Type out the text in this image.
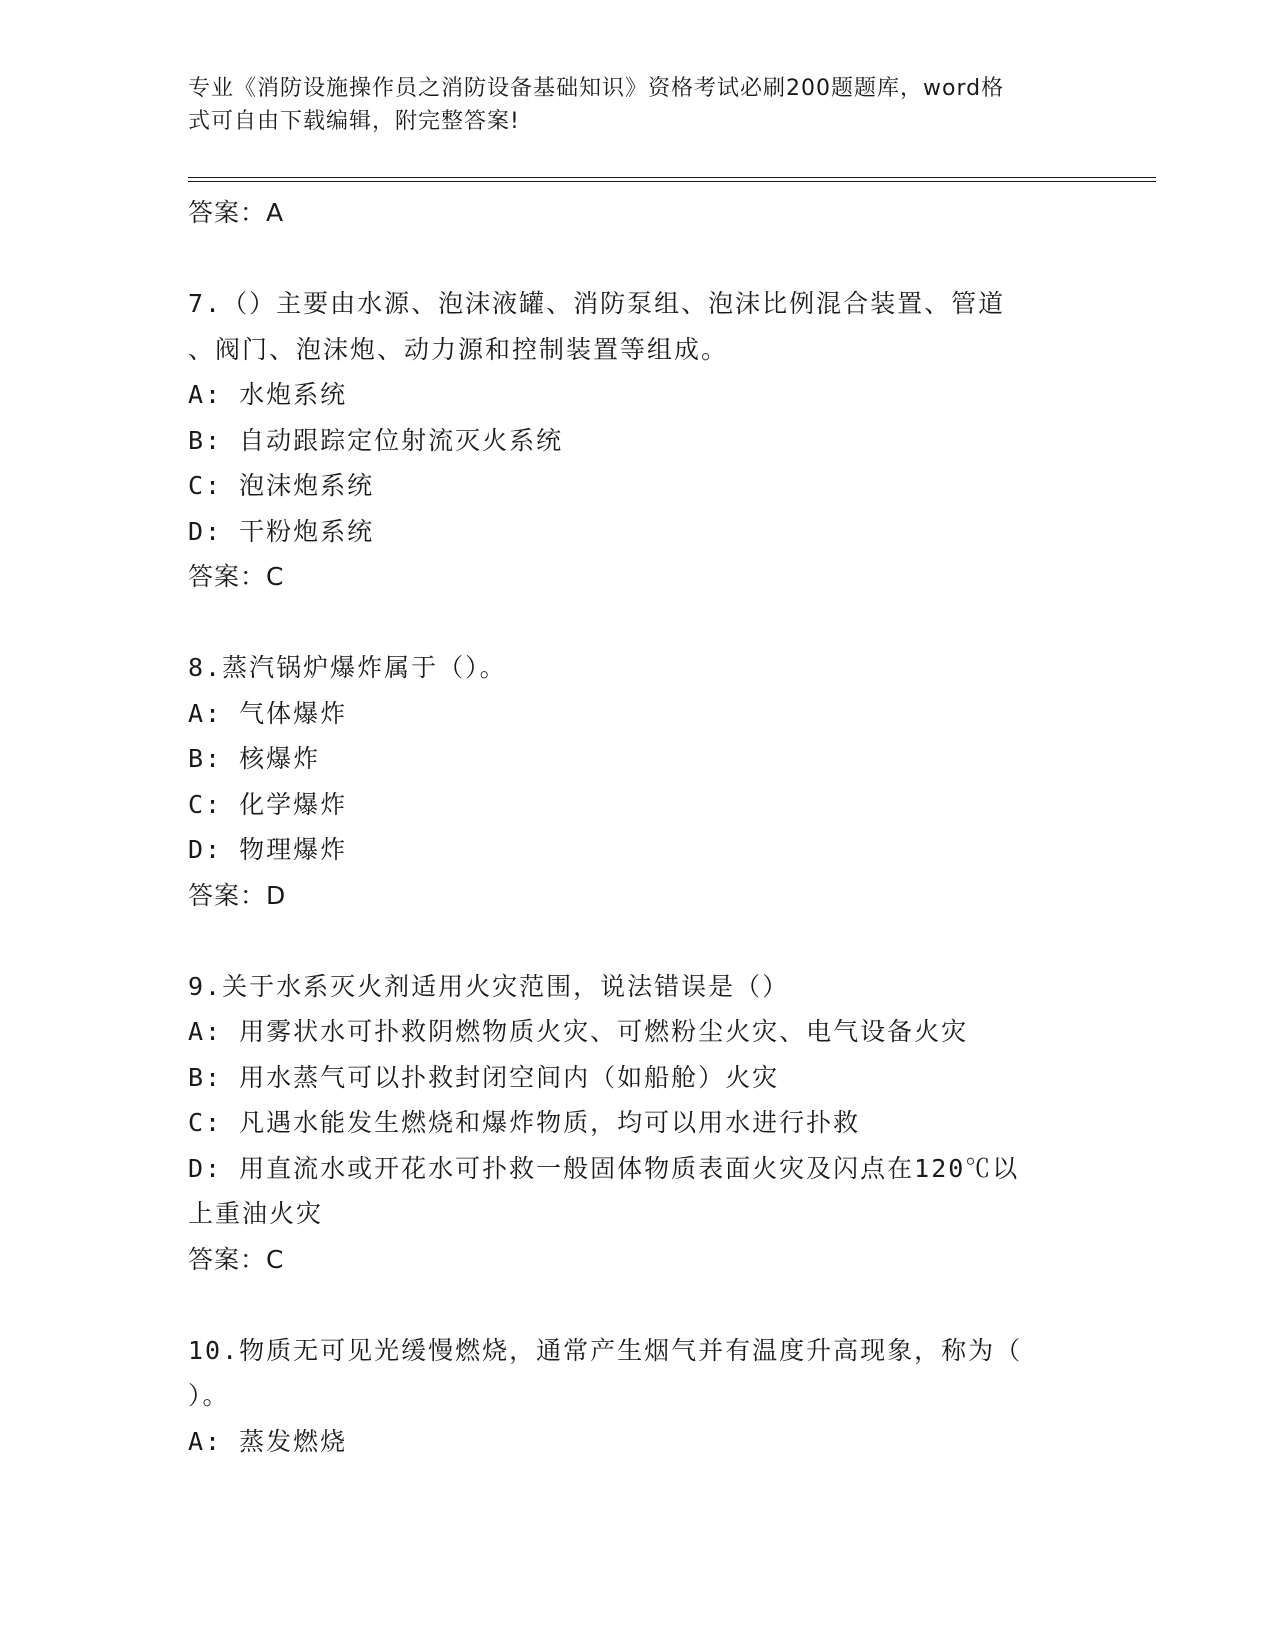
专业《消防设施操作员之消防设备基础知识》资格考试必刷200题题库，word格
式可自由下载编辑，附完整答案!
答案：A
7.（）主要由水源、泡沫液罐、消防泵组、泡沫比例混合装置、管道
、阀门、泡沫炮、动力源和控制装置等组成。
A: 水炮系统
B: 自动跟踪定位射流灭火系统
C: 泡沫炮系统
D: 干粉炮系统
答案：C
8.蒸汽锅炉爆炸属于（）。
A: 气体爆炸
B: 核爆炸
C: 化学爆炸
D: 物理爆炸
答案：D
9.关于水系灭火剂适用火灾范围，说法错误是（）
A: 用雾状水可扑救阴燃物质火灾、可燃粉尘火灾、电气设备火灾
B: 用水蒸气可以扑救封闭空间内（如船舱）火灾
C: 凡遇水能发生燃烧和爆炸物质，均可以用水进行扑救
D: 用直流水或开花水可扑救一般固体物质表面火灾及闪点在120℃以
上重油火灾
答案：C
10.物质无可见光缓慢燃烧，通常产生烟气并有温度升高现象，称为（
）。
A: 蒸发燃烧
